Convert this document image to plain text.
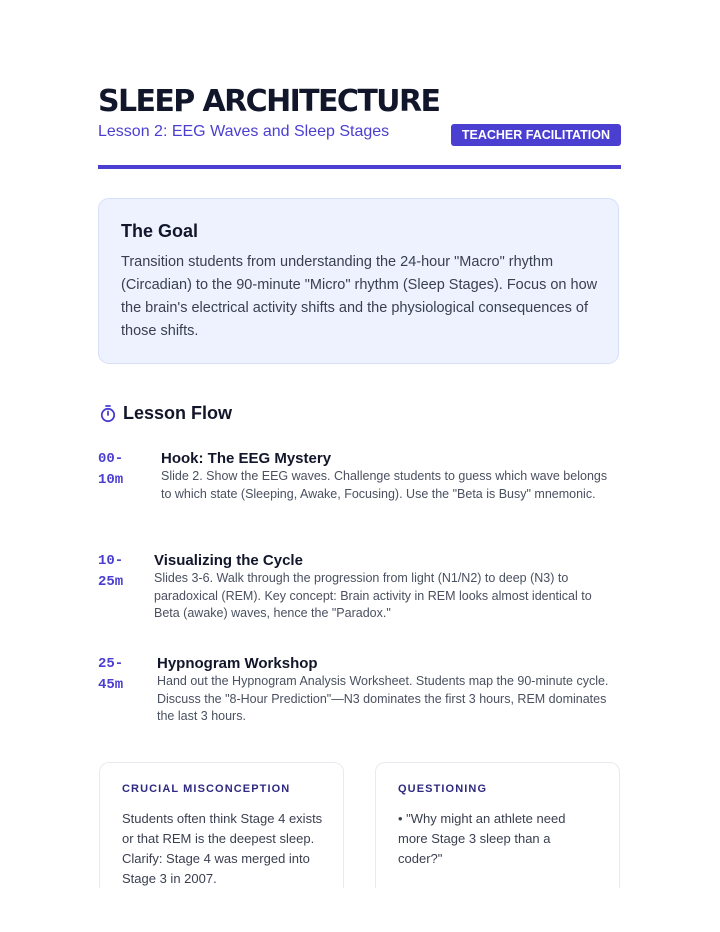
SLEEP ARCHITECTURE
Lesson 2: EEG Waves and Sleep Stages	TEACHER FACILITATION
The Goal

Transition students from understanding the 24-hour "Macro" rhythm (Circadian) to the 90-minute "Micro" rhythm (Sleep Stages). Focus on how the brain's electrical activity shifts and the physiological consequences of those shifts.

Lesson Flow
00-10m
Hook: The EEG Mystery

Slide 2. Show the EEG waves. Challenge students to guess which wave belongs to which state (Sleeping, Awake, Focusing). Use the "Beta is Busy" mnemonic.

10-25m
Visualizing the Cycle

Slides 3-6. Walk through the progression from light (N1/N2) to deep (N3) to paradoxical (REM). Key concept: Brain activity in REM looks almost identical to Beta (awake) waves, hence the "Paradox."

25-45m
Hypnogram Workshop

Hand out the Hypnogram Analysis Worksheet. Students map the 90-minute cycle. Discuss the "8-Hour Prediction"—N3 dominates the first 3 hours, REM dominates the last 3 hours.

CRUCIAL MISCONCEPTION

Students often think Stage 4 exists or that REM is the deepest sleep. Clarify: Stage 4 was merged into Stage 3 in 2007.

QUESTIONING

• "Why might an athlete need more Stage 3 sleep than a coder?"
